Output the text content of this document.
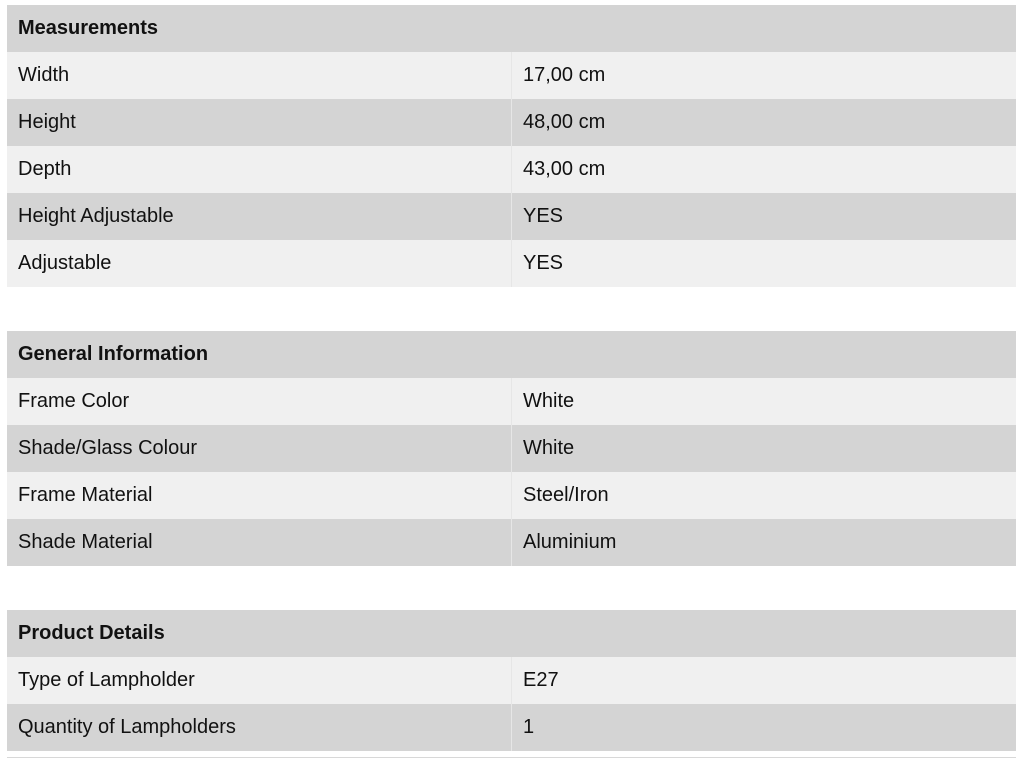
Measurements	
Width	17,00 cm
Height	48,00 cm
Depth	43,00 cm
Height Adjustable	YES
Adjustable	YES
General Information	
Frame Color	White
Shade/Glass Colour	White
Frame Material	Steel/Iron
Shade Material	Aluminium
Product Details	
Type of Lampholder	E27
Quantity of Lampholders	1
